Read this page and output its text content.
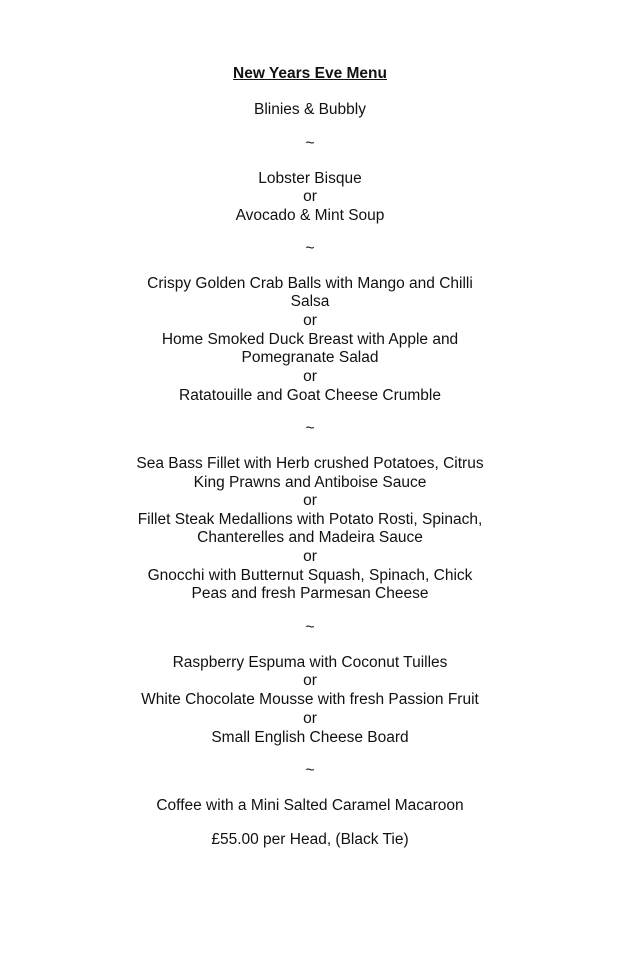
New Years Eve Menu
Blinies & Bubbly
~
Lobster Bisque
or
Avocado & Mint Soup
~
Crispy Golden Crab Balls with Mango and Chilli
Salsa
or
Home Smoked Duck Breast with Apple and
Pomegranate Salad
or
Ratatouille and Goat Cheese Crumble
~
Sea Bass Fillet with Herb crushed Potatoes, Citrus
King Prawns and Antiboise Sauce
or
Fillet Steak Medallions with Potato Rosti, Spinach,
Chanterelles and Madeira Sauce
or
Gnocchi with Butternut Squash, Spinach, Chick
Peas and fresh Parmesan Cheese
~
Raspberry Espuma with Coconut Tuilles
or
White Chocolate Mousse with fresh Passion Fruit
or
Small English Cheese Board
~
Coffee with a Mini Salted Caramel Macaroon
£55.00 per Head, (Black Tie)
